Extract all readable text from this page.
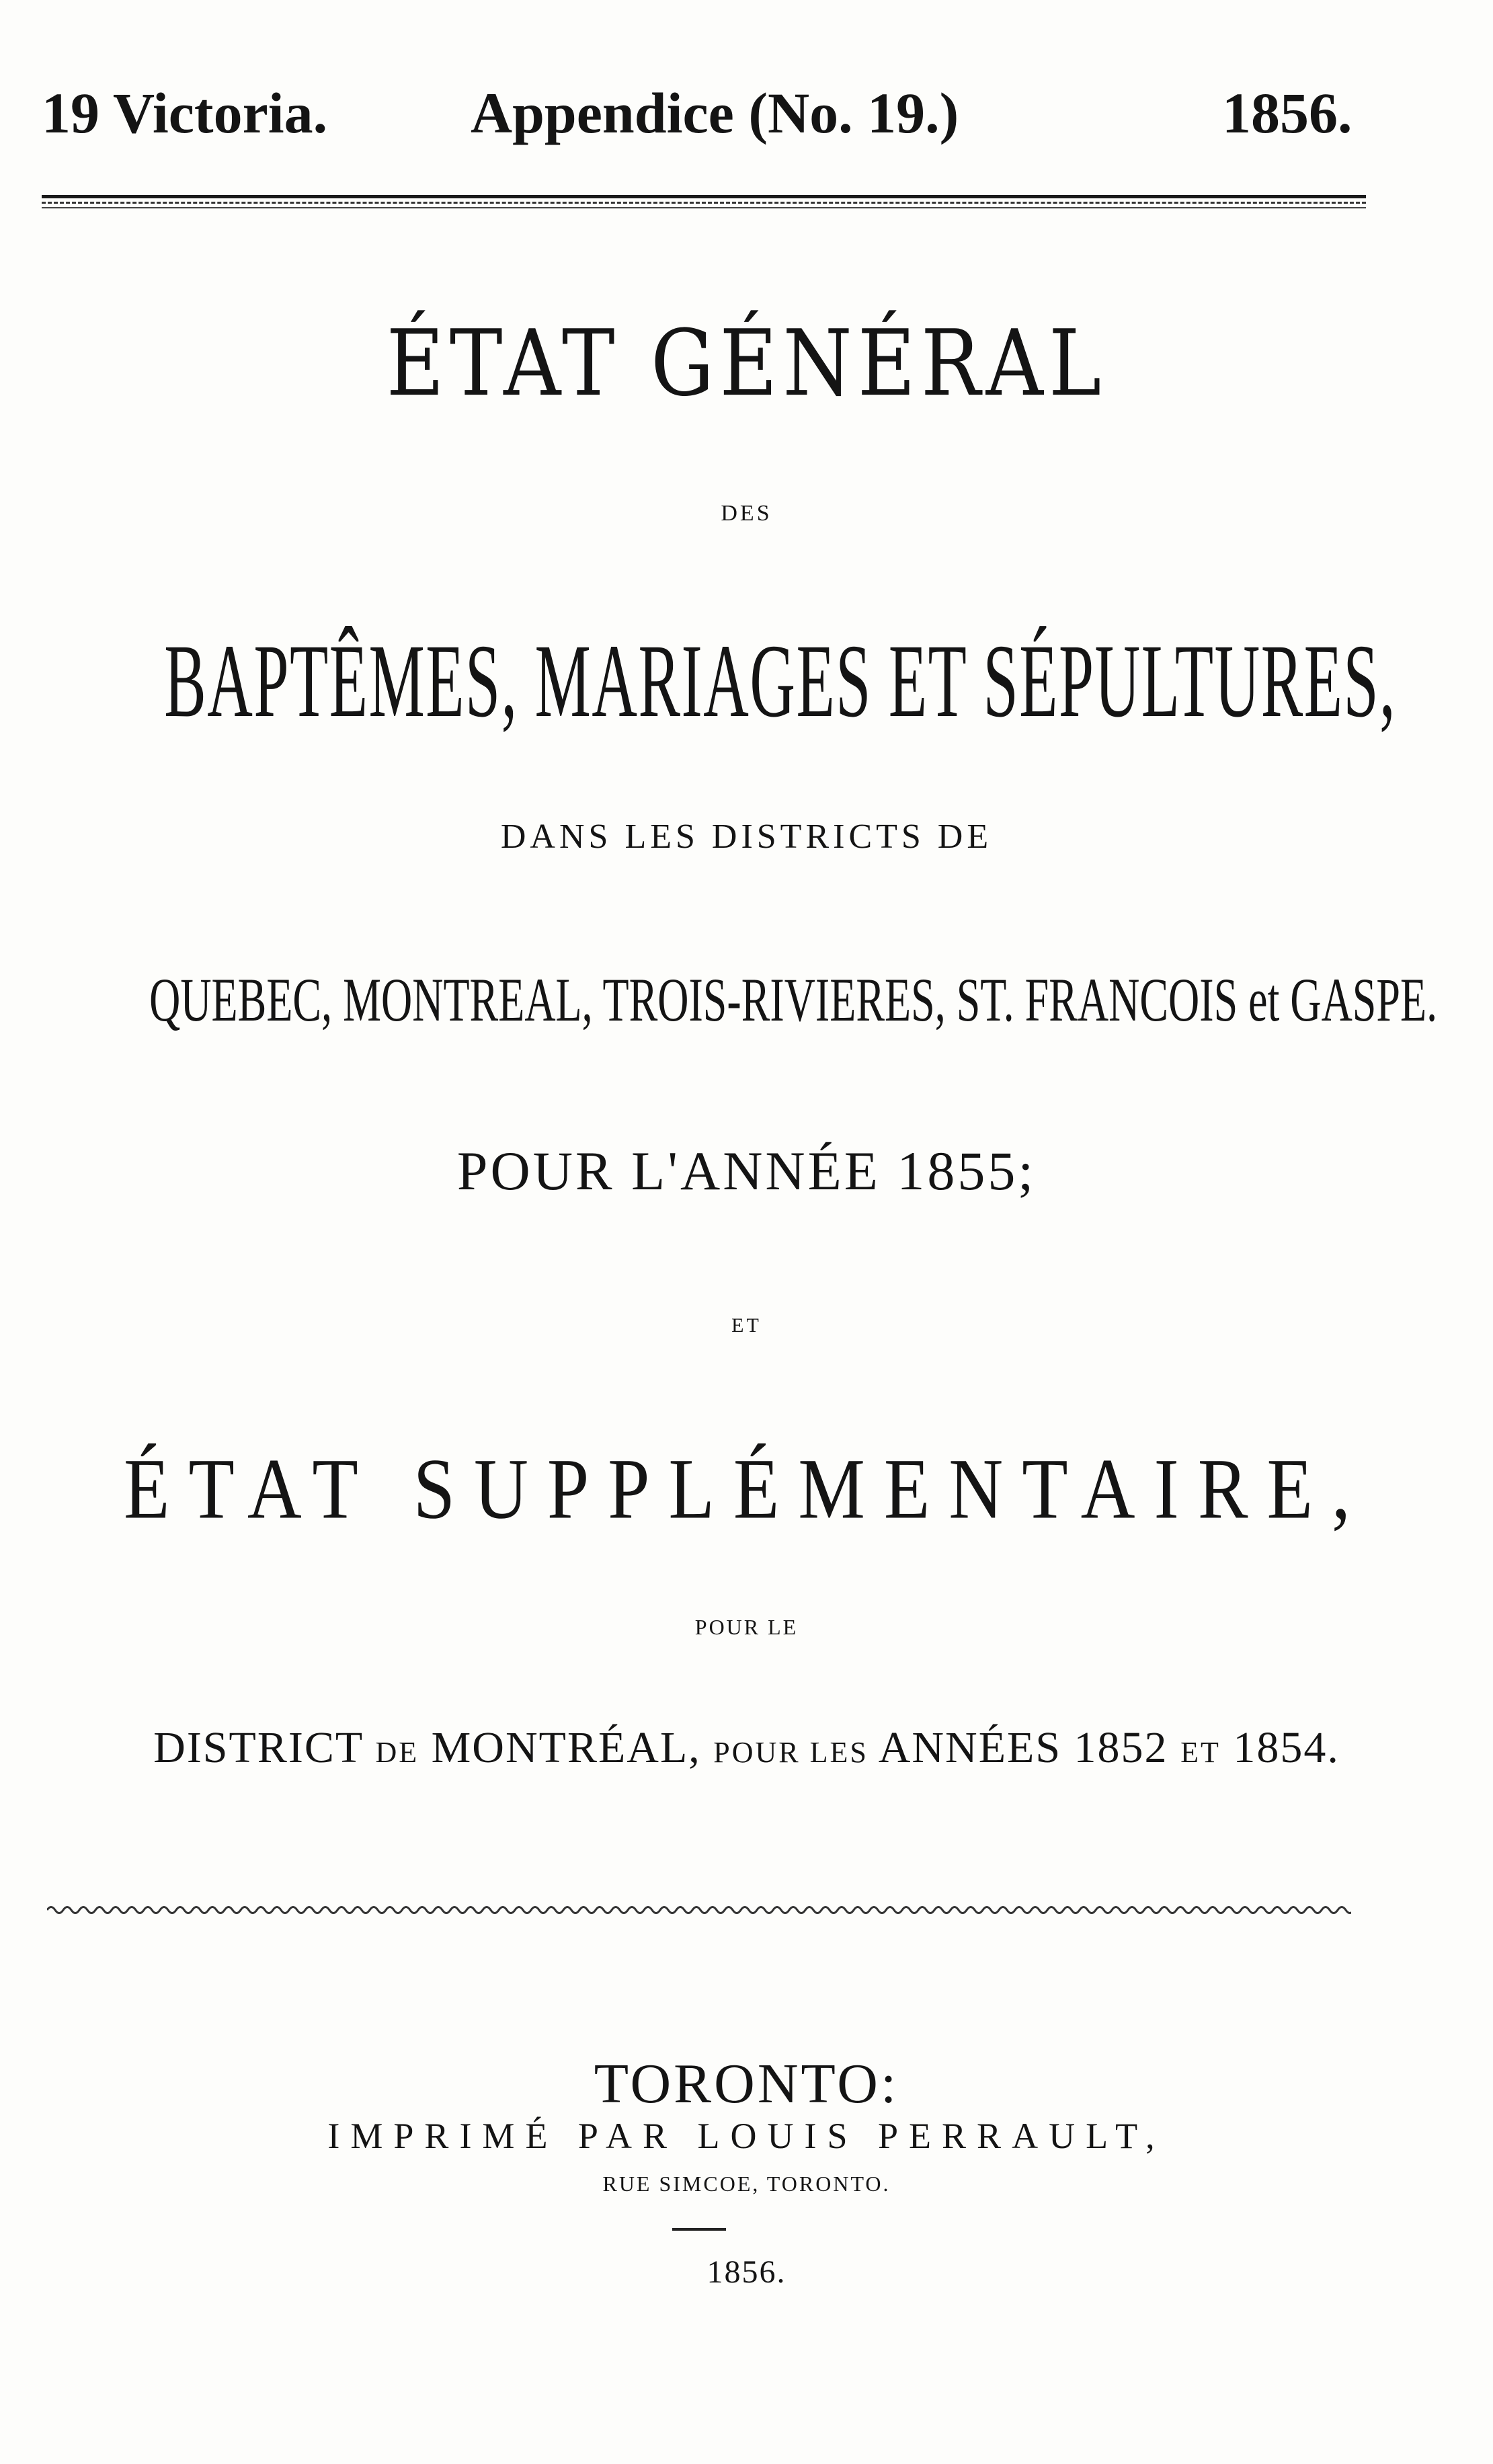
19 Victoria. Appendice (No. 19.)	1856.
ÉTAT GÉNÉRAL
DES
BAPTÊMES, MARIAGES ET SÉPULTURES,
DANS LES DISTRICTS DE
QUEBEC, MONTREAL, TROIS-RIVIERES, ST. FRANCOIS et GASPE.
POUR L'ANNÉE 1855;
ET
ÉTAT SUPPLÉMENTAIRE,
POUR LE
DISTRICT DE MONTRÉAL, POUR LES ANNÉES 1852 ET 1854.
TORONTO:
IMPRIMÉ PAR LOUIS PERRAULT,
RUE SIMCOE, TORONTO.
1856.
